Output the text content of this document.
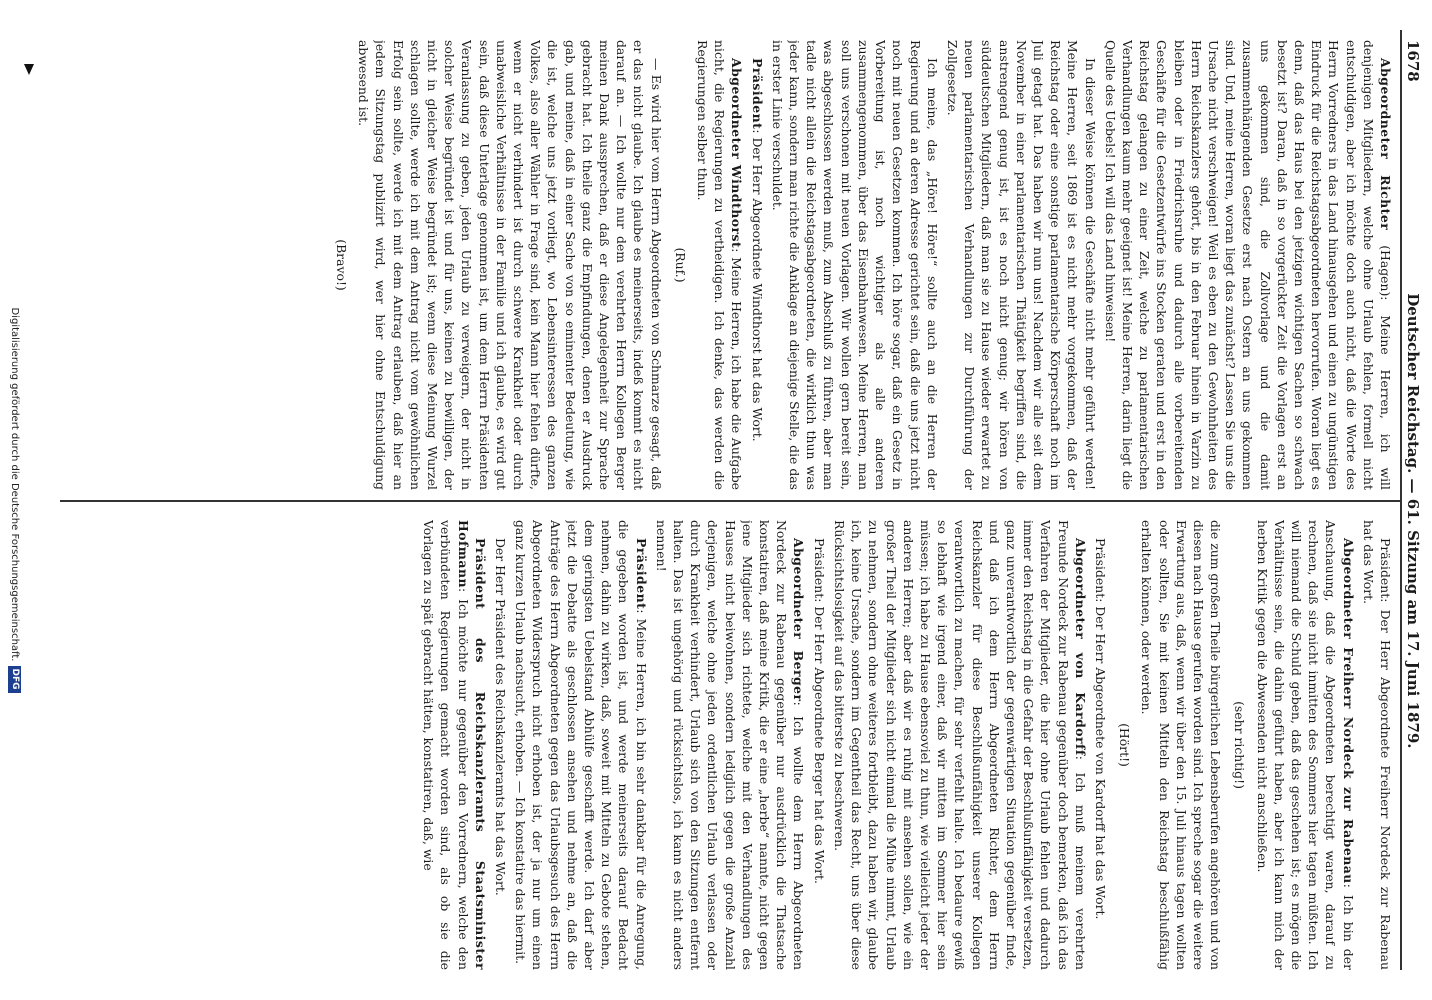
1678
Deutscher Reichstag. — 61. Sitzung am 17. Juni 1879.

Abgeordneter Richter (Hagen): Meine Herren, ich will denjenigen Mitgliedern, welche ohne Urlaub fehlen, formell nicht entschuldigen, aber ich möchte doch auch nicht, daß die Worte des Herrn Vorredners in das Land hinausgehen und einen zu ungünstigen Eindruck für die Reichstagsabgeordneten hervorrufen. Woran liegt es denn, daß das Haus bei den jetzigen wichtigen Sachen so schwach besetzt ist? Daran, daß in so vorgerückter Zeit die Vorlagen erst an uns gekommen sind, die Zollvorlage und die damit zusammenhängenden Gesetze erst nach Ostern an uns gekommen sind. Und, meine Herren, woran liegt das zunächst? Lassen Sie uns die Ursache nicht verschweigen! Weil es eben zu den Gewohnheiten des Herrn Reichskanzlers gehört, bis in den Februar hinein in Varzin zu bleiben oder in Friedrichsruhe und dadurch alle vorbereitenden Geschäfte für die Gesetzentwürfe ins Stocken geraten und erst in den Reichstag gelangen zu einer Zeit, welche zu parlamentarischen Verhandlungen kaum mehr geeignet ist! Meine Herren, darin liegt die Quelle des Uebels! Ich will das Land hinweisen!

In dieser Weise können die Geschäfte nicht mehr geführt werden! Meine Herren, seit 1869 ist es nicht mehr vorgekommen, daß der Reichstag oder eine sonstige parlamentarische Körperschaft noch im Juli getagt hat. Das haben wir nun uns! Nachdem wir alle seit dem November in einer parlamentarischen Thätigkeit begriffen sind, die anstrengend genug ist, ist es noch nicht genug; wir hören von süddeutschen Mitgliedern, daß man sie zu Hause wieder erwartet zu neuen parlamentarischen Verhandlungen zur Durchführung der Zollgesetze.

Ich meine, das „Höre! Höre!“ sollte auch an die Herren der Regierung und an deren Adresse gerichtet sein, daß die uns jetzt nicht noch mit neuen Gesetzen kommen. Ich höre sogar, daß ein Gesetz in Vorbereitung ist, noch wichtiger als alle anderen zusammengenommen, über das Eisenbahnwesen. Meine Herren, man soll uns verschonen mit neuen Vorlagen. Wir wollen gern bereit sein, was abgeschlossen werden muß, zum Abschluß zu führen, aber man tadle nicht allein die Reichstagsabgeordneten, die wirklich thun was jeder kann, sondern man richte die Anklage an diejenige Stelle, die das in erster Linie verschuldet.

Präsident: Der Herr Abgeordnete Windthorst hat das Wort.

Abgeordneter Windthorst: Meine Herren, ich habe die Aufgabe nicht, die Regierungen zu vertheidigen. Ich denke, das werden die Regierungen selber thun.

(Ruf.)

— Es wird hier vom Herrn Abgeordneten von Schmarze gesagt, daß er das nicht glaube. Ich glaube es meinerseits, indeß kommt es nicht darauf an. — Ich wollte nur dem verehrten Herrn Kollegen Berger meinen Dank aussprechen, daß er diese Angelegenheit zur Sprache gebracht hat. Ich theile ganz die Empfindungen, denen er Ausdruck gab, und meine, daß in einer Sache von so eminenter Bedeutung, wie die ist, welche uns jetzt vorliegt, wo Lebensinteressen des ganzen Volkes, also aller Wähler in Frage sind, kein Mann hier fehlen dürfte, wenn er nicht verhindert ist durch schwere Krankheit oder durch unabweisliche Verhältnisse in der Familie und ich glaube, es wird gut sein, daß diese Unterlage genommen ist, um dem Herrn Präsidenten Veranlassung zu geben, jeden Urlaub zu verweigern, der nicht in solcher Weise begründet ist und für uns, keinen zu bewilligen, der nicht in gleicher Weise begründet ist; wenn diese Meinung Wurzel schlagen sollte, werde ich mit dem Antrag nicht vom gewöhnlichen Erfolg sein sollte, werde ich mit dem Antrag erlauben, daß hier an jedem Sitzungstag publizirt wird, wer hier ohne Entschuldigung abwesend ist.

(Bravo!)

Präsident: Der Herr Abgeordnete Freiherr Nordeck zur Rabenau hat das Wort.

Abgeordneter Freiherr Nordeck zur Rabenau: Ich bin der Anschauung, daß die Abgeordneten berechtigt waren, darauf zu rechnen, daß sie nicht inmitten des Sommers hier tagen müßten. Ich will niemand die Schuld geben, daß das geschehen ist; es mögen die Verhältnisse sein, die dahin geführt haben, aber ich kann mich der herben Kritik gegen die Abwesenden nicht anschließen.

(sehr richtig!)

die zum großen Theile bürgerlichen Lebensberufen angehören und von diesen nach Hause gerufen worden sind. Ich spreche sogar die weitere Erwartung aus, daß, wenn wir über den 15. Juli hinaus tagen wollten oder sollten, Sie mit keinen Mitteln den Reichstag beschlußfähig erhalten können, oder werden.

(Hört!)

Präsident: Der Herr Abgeordnete von Kardorff hat das Wort.

Abgeordneter von Kardorff: Ich muß meinem verehrten Freunde Nordeck zur Rabenau gegenüber doch bemerken, daß ich das Verfahren der Mitglieder, die hier ohne Urlaub fehlen und dadurch immer den Reichstag in die Gefahr der Beschlußunfähigkeit versetzen, ganz unverantwortlich der gegenwärtigen Situation gegenüber finde, und daß ich dem Herrn Abgeordneten Richter, dem Herrn Reichskanzler für diese Beschlußunfähigkeit unserer Kollegen verantwortlich zu machen, für sehr verfehlt halte. Ich bedaure gewiß so lebhaft wie irgend einer, daß wir mitten im Sommer hier sein müssen; ich habe zu Hause ebensoviel zu thun, wie vielleicht jeder der anderen Herren; aber daß wir es ruhig mit ansehen sollen, wie ein großer Theil der Mitglieder sich nicht einmal die Mühe nimmt, Urlaub zu nehmen, sondern ohne weiteres fortbleibt, dazu haben wir, glaube ich, keine Ursache, sondern im Gegentheil das Recht, uns über diese Rücksichtslosigkeit auf das bitterste zu beschweren.

Präsident: Der Herr Abgeordnete Berger hat das Wort.

Abgeordneter Berger: Ich wollte dem Herrn Abgeordneten Nordeck zur Rabenau gegenüber nur ausdrücklich die Thatsache konstatiren, daß meine Kritik, die er eine „herbe“ nannte, nicht gegen jene Mitglieder sich richtete, welche mit den Verhandlungen des Hauses nicht beiwohnen, sondern lediglich gegen die große Anzahl derjenigen, welche ohne jeden ordentlichen Urlaub verlassen oder durch Krankheit verhindert, Urlaub sich von den Sitzungen entfernt halten. Das ist ungehörig und rücksichtslos, ich kann es nicht anders nennen!

Präsident: Meine Herren, ich bin sehr dankbar für die Anregung, die gegeben worden ist, und werde meinerseits darauf Bedacht nehmen, dahin zu wirken, daß, soweit mit Mitteln zu Gebote stehen, dem geringsten Uebelstand Abhülfe geschafft werde. Ich darf aber jetzt die Debatte als geschlossen ansehen und nehme an, daß die Anträge des Herrn Abgeordneten gegen das Urlaubsgesuch des Herrn Abgeordneten Widerspruch nicht erhoben ist, der ja nur um einen ganz kurzen Urlaub nachsucht, erhoben. — Ich konstatire das hiermit.

Der Herr Präsident des Reichskanzleramts hat das Wort.

Präsident des Reichskanzleramts Staatsminister Hofmann: Ich möchte nur gegenüber den Vorrednern, welche den verbündeten Regierungen gemacht worden sind, als ob sie die Vorlagen zu spät gebracht hätten, konstatiren, daß, wie

Digitalisierung gefördert durch die Deutsche Forschungsgemeinschaft.
DFG
